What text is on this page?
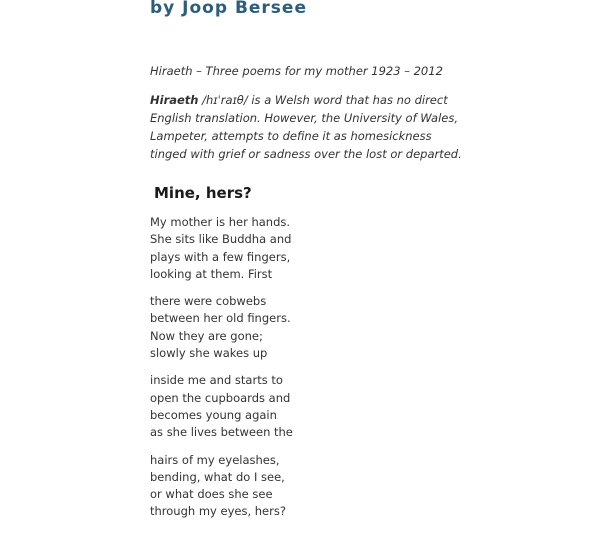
by Joop Bersee

Hiraeth – Three poems for my mother 1923 – 2012

Hiraeth /hɪˈraɪθ/ is a Welsh word that has no direct English translation. However, the University of Wales, Lampeter, attempts to define it as homesickness tinged with grief or sadness over the lost or departed.

Mine, hers?
My mother is her hands.
She sits like Buddha and
plays with a few fingers,
looking at them. First
there were cobwebs
between her old fingers.
Now they are gone;
slowly she wakes up
inside me and starts to
open the cupboards and
becomes young again
as she lives between the
hairs of my eyelashes,
bending, what do I see,
or what does she see
through my eyes, hers?
